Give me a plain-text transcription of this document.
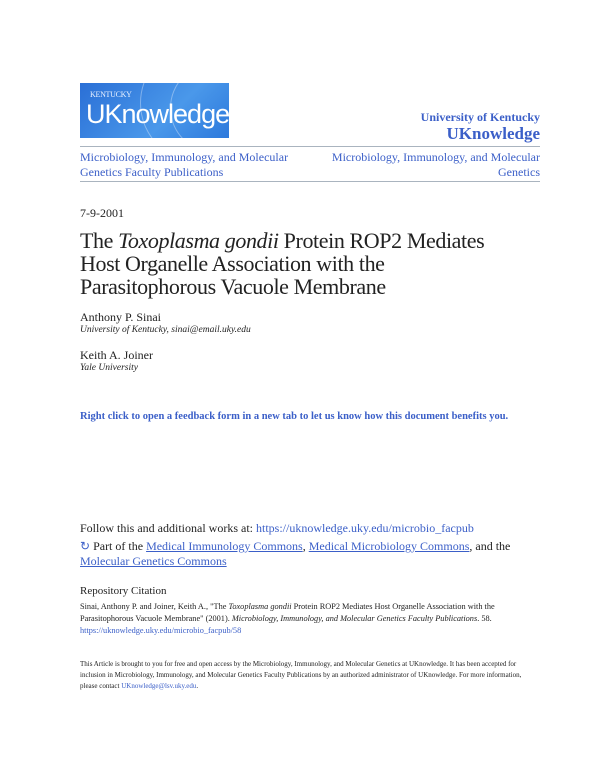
KENTUCKY
UKnowledge	University of Kentucky
UKnowledge
Microbiology, Immunology, and Molecular Genetics Faculty Publications
Microbiology, Immunology, and Molecular Genetics
7-9-2001
The Toxoplasma gondii Protein ROP2 Mediates Host Organelle Association with the Parasitophorous Vacuole Membrane
Anthony P. Sinai
University of Kentucky, sinai@email.uky.edu
Keith A. Joiner
Yale University
Right click to open a feedback form in a new tab to let us know how this document benefits you.
Follow this and additional works at: https://uknowledge.uky.edu/microbio_facpub
↻ Part of the Medical Immunology Commons, Medical Microbiology Commons, and the Molecular Genetics Commons
Repository Citation
Sinai, Anthony P. and Joiner, Keith A., "The Toxoplasma gondii Protein ROP2 Mediates Host Organelle Association with the Parasitophorous Vacuole Membrane" (2001). Microbiology, Immunology, and Molecular Genetics Faculty Publications. 58.
https://uknowledge.uky.edu/microbio_facpub/58
This Article is brought to you for free and open access by the Microbiology, Immunology, and Molecular Genetics at UKnowledge. It has been accepted for inclusion in Microbiology, Immunology, and Molecular Genetics Faculty Publications by an authorized administrator of UKnowledge. For more information, please contact UKnowledge@lsv.uky.edu.
